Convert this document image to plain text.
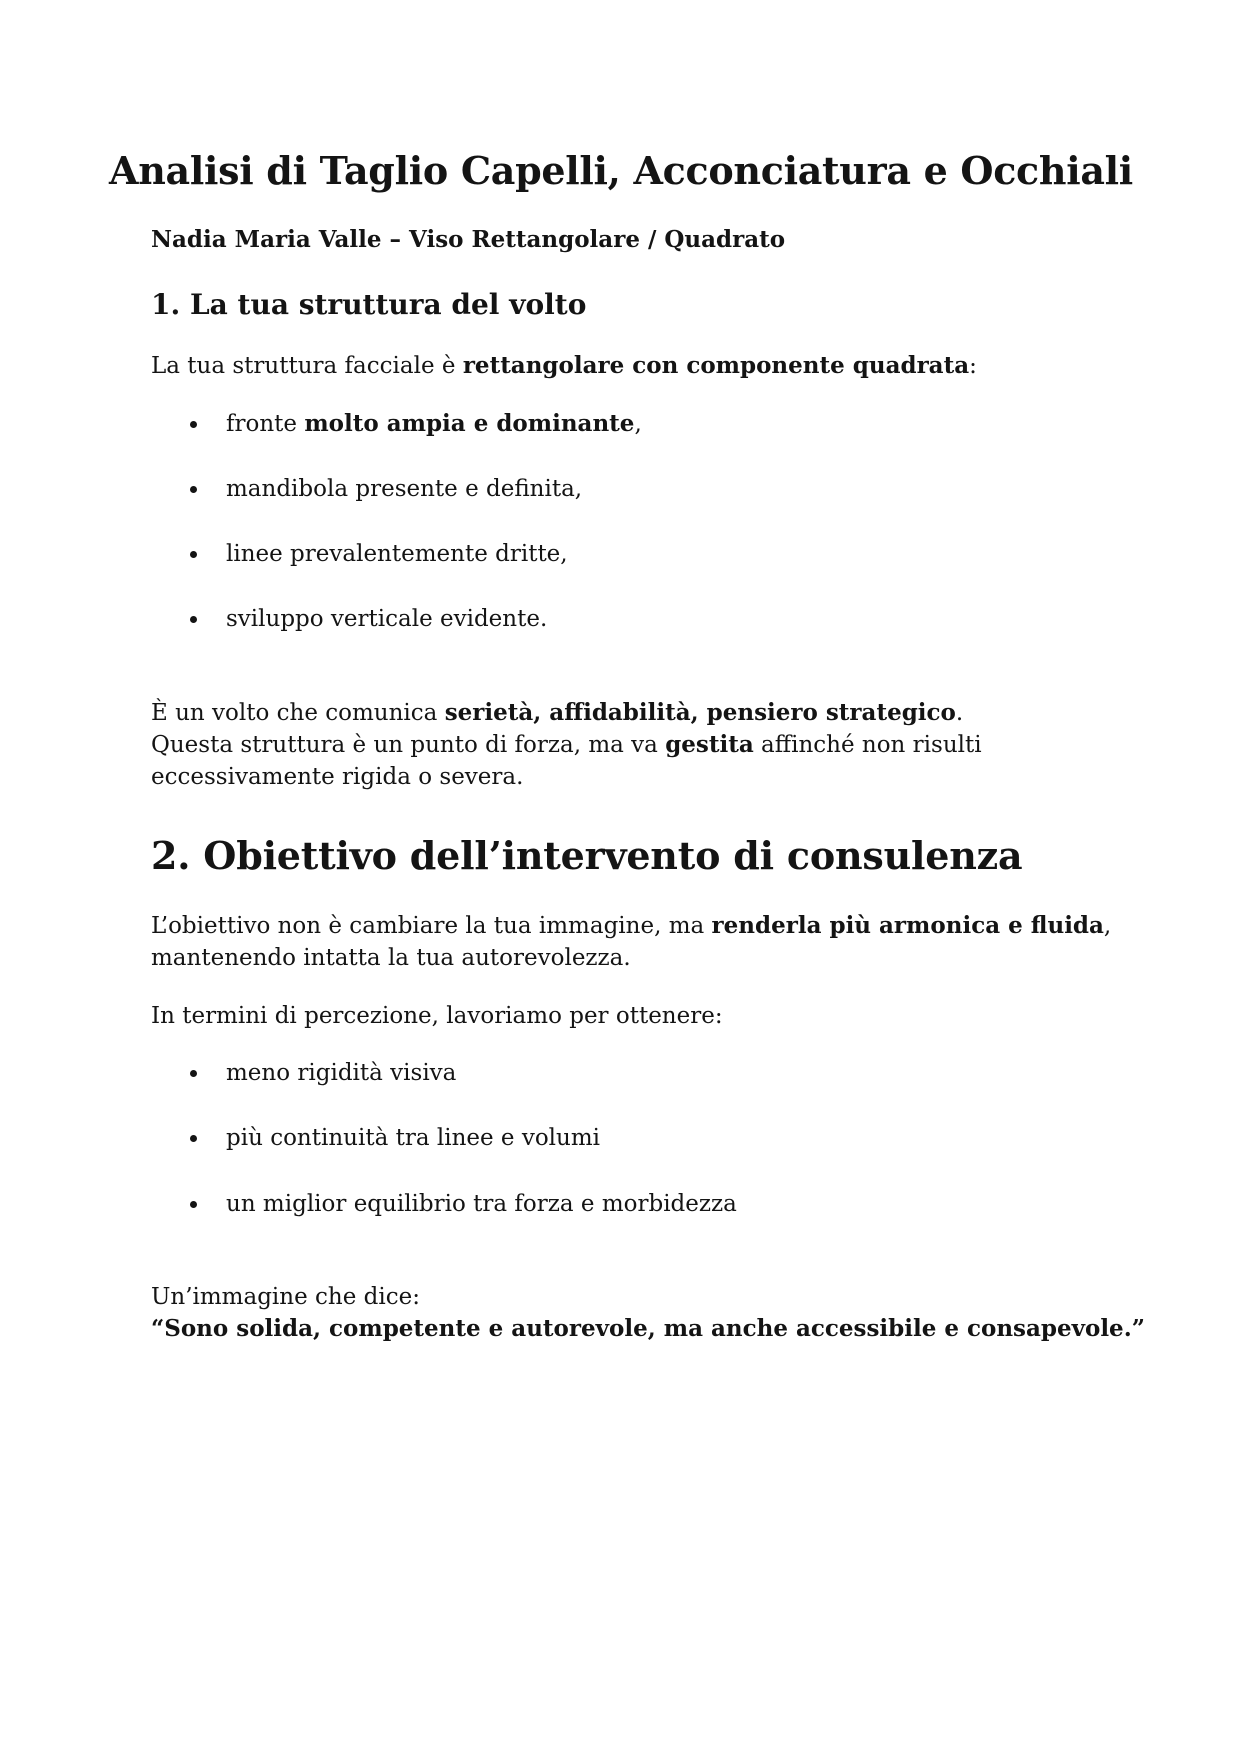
Analisi di Taglio Capelli, Acconciatura e Occhiali

Nadia Maria Valle – Viso Rettangolare / Quadrato

1. La tua struttura del volto

La tua struttura facciale è rettangolare con componente quadrata:

fronte molto ampia e dominante,
mandibola presente e definita,
linee prevalentemente dritte,
sviluppo verticale evidente.

È un volto che comunica serietà, affidabilità, pensiero strategico.

Questa struttura è un punto di forza, ma va gestita affinché non risulti

eccessivamente rigida o severa.

2. Obiettivo dell’intervento di consulenza

L’obiettivo non è cambiare la tua immagine, ma renderla più armonica e fluida,

mantenendo intatta la tua autorevolezza.

In termini di percezione, lavoriamo per ottenere:

meno rigidità visiva
più continuità tra linee e volumi
un miglior equilibrio tra forza e morbidezza

Un’immagine che dice:

“Sono solida, competente e autorevole, ma anche accessibile e consapevole.”
